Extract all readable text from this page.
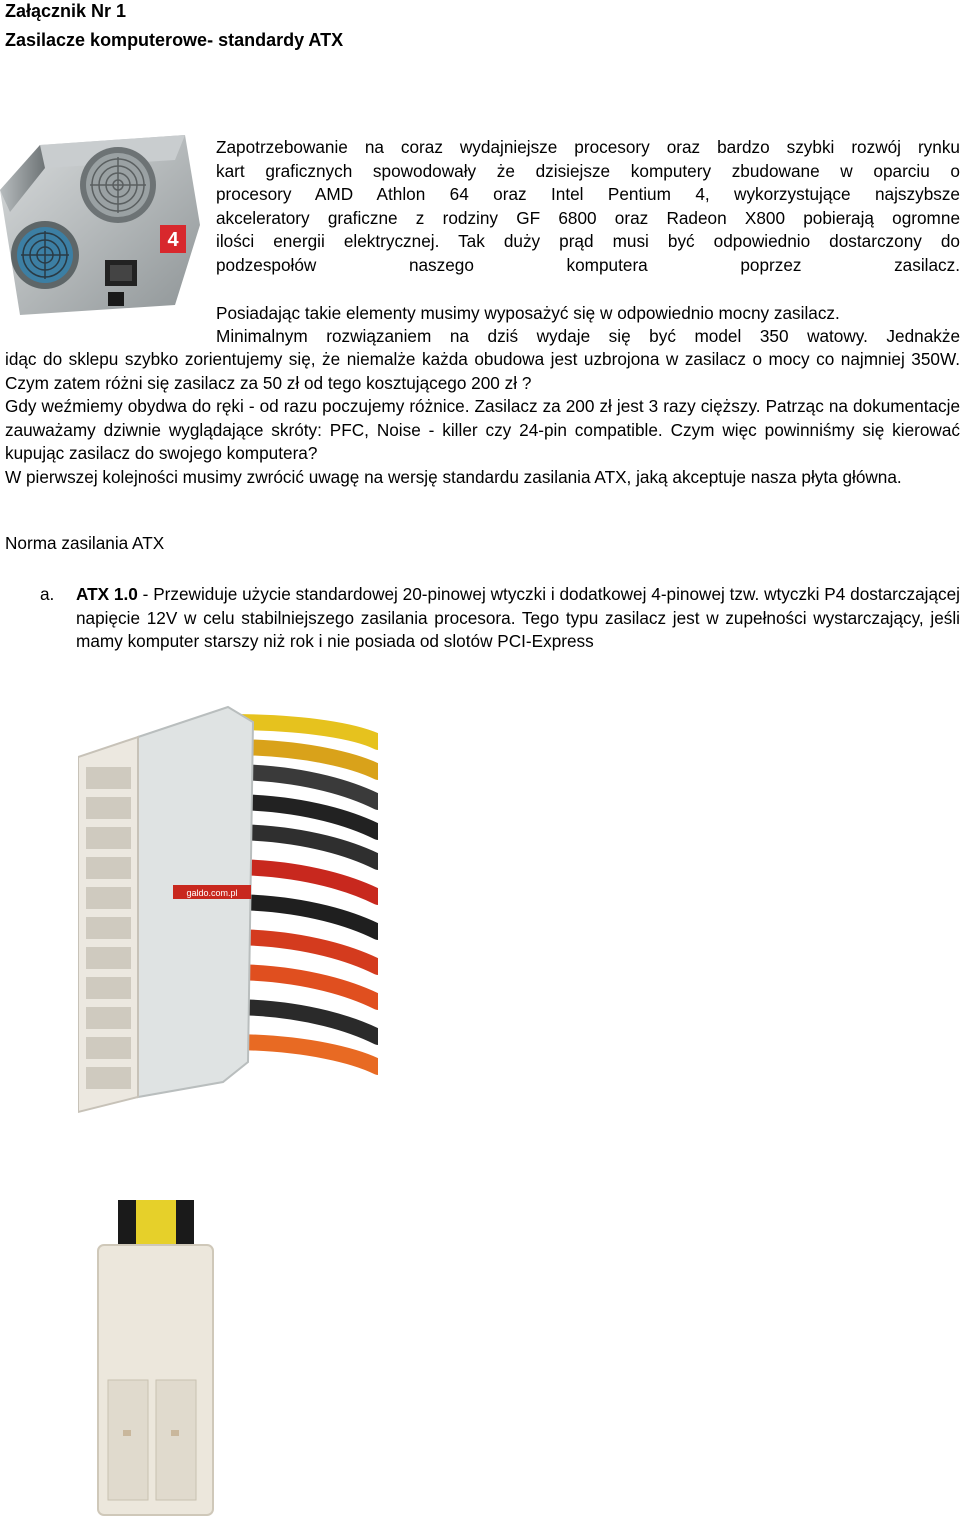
Załącznik Nr 1

Zasilacze komputerowe- standardy ATX

4
Zapotrzebowanie na coraz wydajniejsze procesory oraz bardzo szybki rozwój rynku
kart graficznych spowodowały że dzisiejsze komputery zbudowane w oparciu o
procesory AMD Athlon 64 oraz Intel Pentium 4, wykorzystujące najszybsze
akceleratory graficzne z rodziny GF 6800 oraz Radeon X800 pobierają ogromne
ilości energii elektrycznej. Tak duży prąd musi być odpowiednio dostarczony do
podzespołów naszego komputera poprzez zasilacz.
Posiadając takie elementy musimy wyposażyć się w odpowiednio mocny zasilacz.
Minimalnym rozwiązaniem na dziś wydaje się być model 350 watowy. Jednakże
idąc do sklepu szybko zorientujemy się, że niemalże każda obudowa jest uzbrojona w zasilacz o mocy co najmniej 350W. Czym zatem różni się zasilacz za 50 zł od tego kosztującego 200 zł ?
Gdy weźmiemy obydwa do ręki - od razu poczujemy różnice. Zasilacz za 200 zł jest 3 razy cięższy. Patrząc na dokumentacje zauważamy dziwnie wyglądające skróty: PFC, Noise - killer czy 24-pin compatible. Czym więc powinniśmy się kierować kupując zasilacz do swojego komputera?
W pierwszej kolejności musimy zwrócić uwagę na wersję standardu zasilania ATX, jaką akceptuje nasza płyta główna.

Norma zasilania ATX

a. ATX 1.0 - Przewiduje użycie standardowej 20-pinowej wtyczki i dodatkowej 4-pinowej tzw. wtyczki P4 dostarczającej napięcie 12V w celu stabilniejszego zasilania procesora. Tego typu zasilacz jest w zupełności wystarczający, jeśli mamy komputer starszy niż rok i nie posiada od slotów PCI-Express

galdo.com.pl
